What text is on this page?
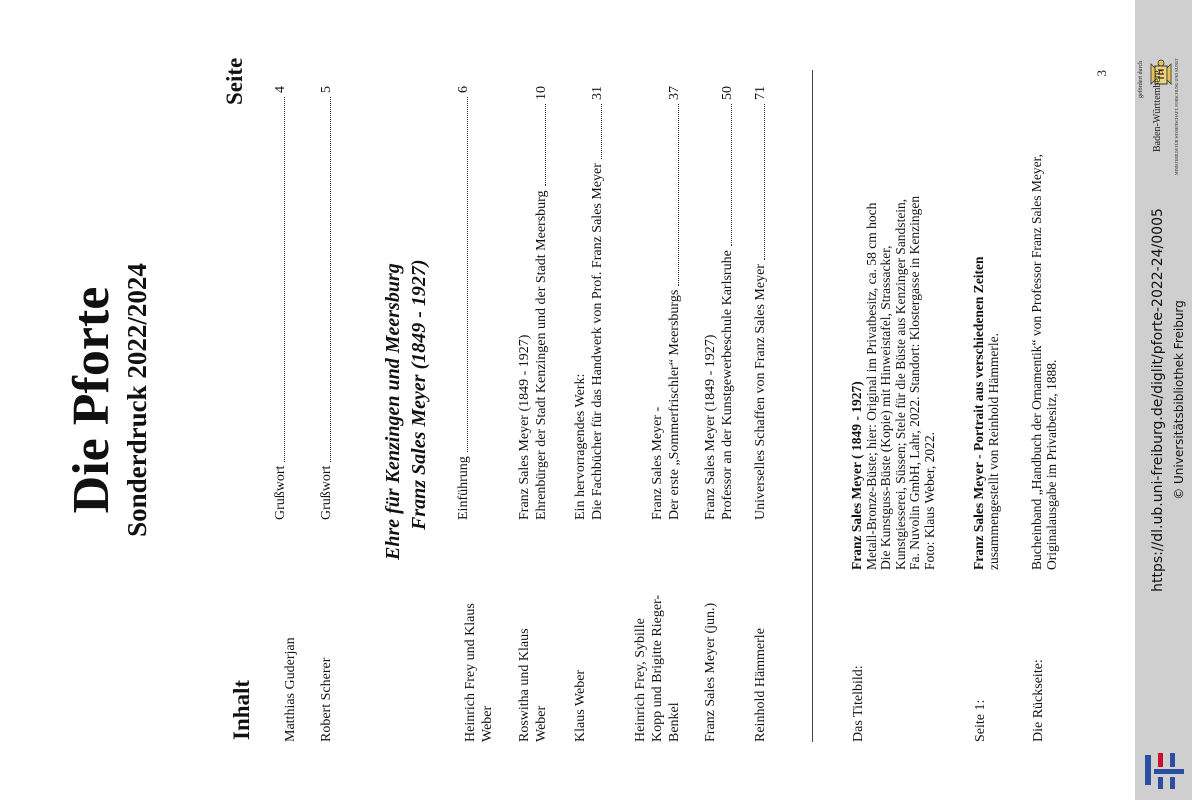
Die Pforte Sonderdruck 2022/2024
Inhalt
Seite
Matthias Guderjan
Grußwort
4
Robert Scherer
Grußwort
5
Ehre für Kenzingen und Meersburg Franz Sales Meyer (1849 - 1927)
Heinrich Frey und Klaus Weber
Einführung
6
Roswitha und Klaus Weber
Franz Sales Meyer (1849 - 1927) Ehrenbürger der Stadt Kenzingen und der Stadt Meersburg
10
Klaus Weber
Ein hervorragendes Werk: Die Fachbücher für das Handwerk von Prof. Franz Sales Meyer
31
Heinrich Frey, Sybille Kopp und Brigitte Rieger-Benkel
Franz Sales Meyer - Der erste „Sommerfrischler“ Meersburgs
37
Franz Sales Meyer (jun.)
Franz Sales Meyer (1849 - 1927) Professor an der Kunstgewerbeschule Karlsruhe
50
Reinhold Hämmerle
Universelles Schaffen von Franz Sales Meyer
71
Das Titelbild:
Franz Sales Meyer ( 1849 - 1927) Metall-Bronze-Büste; hier: Original im Privatbesitz, ca. 58 cm hoch Die Kunstguss-Büste (Kopie) mit Hinweistafel, Strassacker, Kunstgiesserei, Süssen; Stele für die Büste aus Kenzinger Sandstein, Fa. Nuvolin GmbH, Lahr, 2022. Standort: Klostergasse in Kenzingen Foto: Klaus Weber, 2022.
Seite 1:
Franz Sales Meyer - Portrait aus verschiedenen Zeiten zusammengestellt von Reinhold Hämmerle.
Die Rückseite:
Bucheinband „Handbuch der Ornamentik“ von Professor Franz Sales Meyer, Originalausgabe im Privatbesitz, 1888.
3	gefördert durch Baden-Württemberg	MINISTERIUM FÜR WISSENSCHAFT, FORSCHUNG UND KUNST
https://dl.ub.uni-freiburg.de/diglit/pforte-2022-24/0005 © Universitätsbibliothek Freiburg
